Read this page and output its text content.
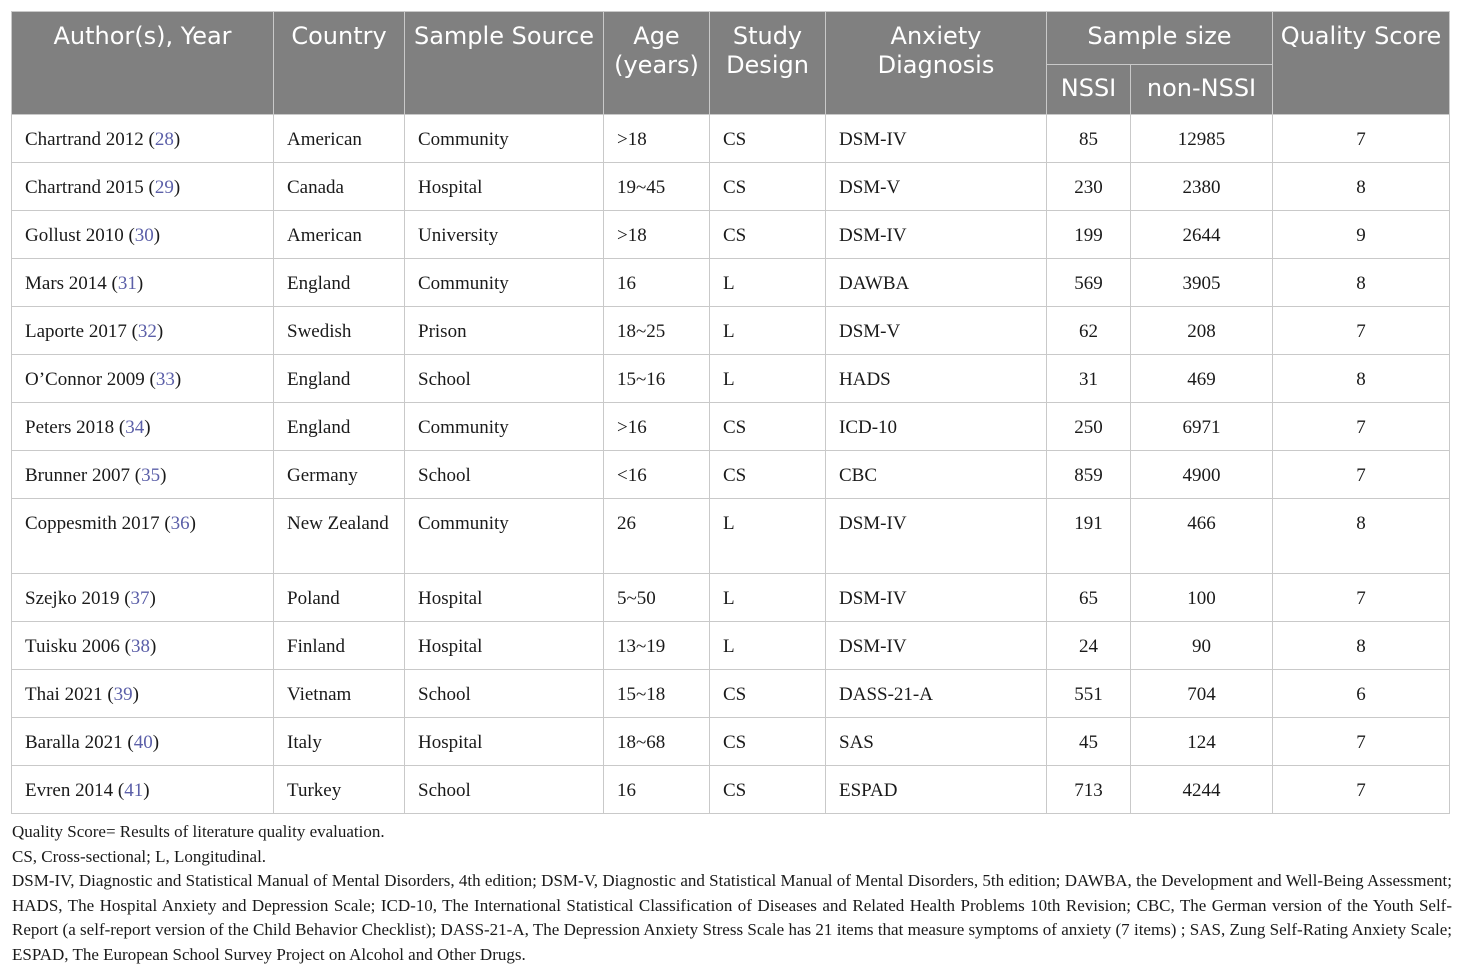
Author(s), Year	Country	Sample Source	Age (years)	Study Design	Anxiety Diagnosis	Sample size		Quality Score
						NSSI	non-NSSI	
Chartrand 2012 (28)	American	Community	>18	CS	DSM-IV	85	12985	7
Chartrand 2015 (29)	Canada	Hospital	19~45	CS	DSM-V	230	2380	8
Gollust 2010 (30)	American	University	>18	CS	DSM-IV	199	2644	9
Mars 2014 (31)	England	Community	16	L	DAWBA	569	3905	8
Laporte 2017 (32)	Swedish	Prison	18~25	L	DSM-V	62	208	7
O’Connor 2009 (33)	England	School	15~16	L	HADS	31	469	8
Peters 2018 (34)	England	Community	>16	CS	ICD-10	250	6971	7
Brunner 2007 (35)	Germany	School	<16	CS	CBC	859	4900	7
Coppesmith 2017 (36)	New Zealand	Community	26	L	DSM-IV	191	466	8
Szejko 2019 (37)	Poland	Hospital	5~50	L	DSM-IV	65	100	7
Tuisku 2006 (38)	Finland	Hospital	13~19	L	DSM-IV	24	90	8
Thai 2021 (39)	Vietnam	School	15~18	CS	DASS-21-A	551	704	6
Baralla 2021 (40)	Italy	Hospital	18~68	CS	SAS	45	124	7
Evren 2014 (41)	Turkey	School	16	CS	ESPAD	713	4244	7

Quality Score= Results of literature quality evaluation.

CS, Cross-sectional; L, Longitudinal.

DSM-IV, Diagnostic and Statistical Manual of Mental Disorders, 4th edition; DSM-V, Diagnostic and Statistical Manual of Mental Disorders, 5th edition; DAWBA, the Development and Well-Being Assessment; HADS, The Hospital Anxiety and Depression Scale; ICD-10, The International Statistical Classification of Diseases and Related Health Problems 10th Revision; CBC, The German version of the Youth Self-Report (a self-report version of the Child Behavior Checklist); DASS-21-A, The Depression Anxiety Stress Scale has 21 items that measure symptoms of anxiety (7 items) ; SAS, Zung Self-Rating Anxiety Scale; ESPAD, The European School Survey Project on Alcohol and Other Drugs.
